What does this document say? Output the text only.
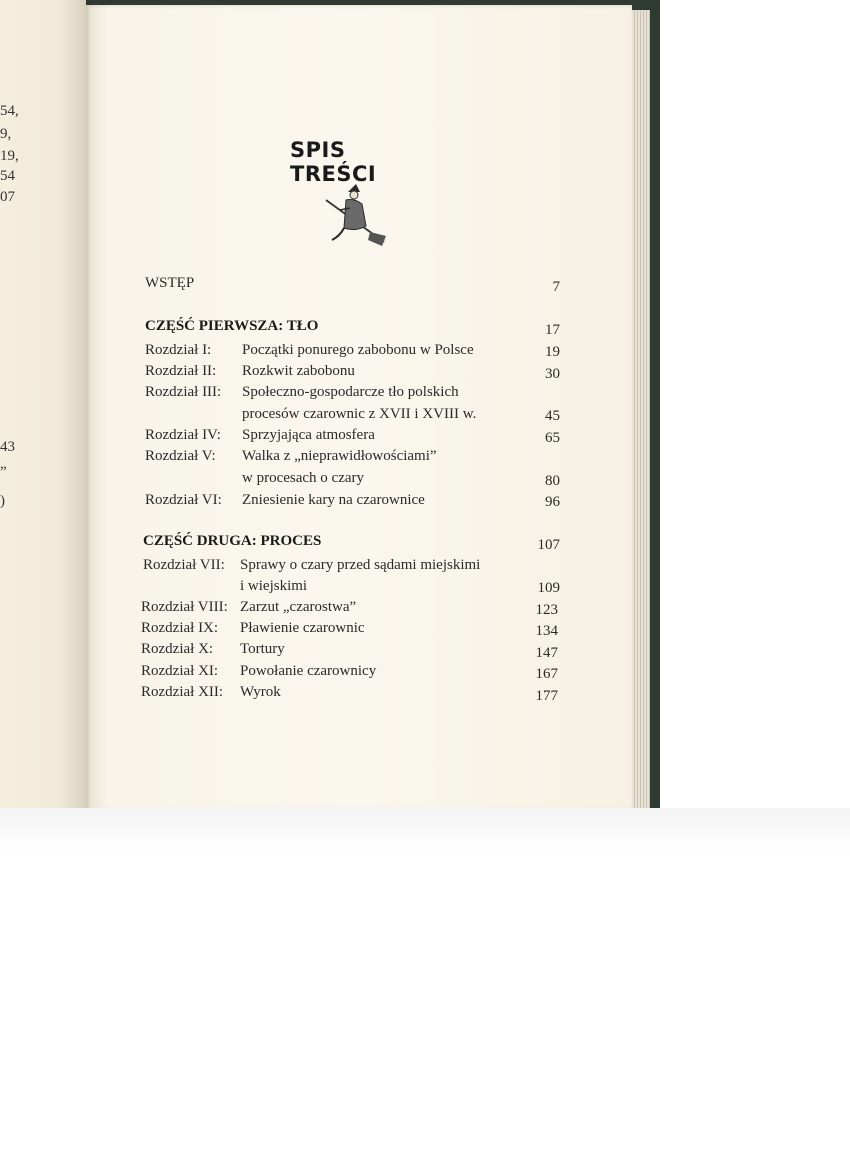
54,
9,
19,
54
07
43
”
)
SPIS TREŚCI
WSTĘP	7
CZĘŚĆ PIERWSZA: TŁO	17
Rozdział I: Początki ponurego zabobonu w Polsce	19
Rozdział II: Rozkwit zabobonu	30
Rozdział III: Społeczno-gospodarcze tło polskich
procesów czarownic z XVII i XVIII w.	45
Rozdział IV: Sprzyjająca atmosfera	65
Rozdział V: Walka z „nieprawidłowościami”
w procesach o czary	80
Rozdział VI: Zniesienie kary na czarownice	96
CZĘŚĆ DRUGA: PROCES	107
Rozdział VII: Sprawy o czary przed sądami miejskimi
i wiejskimi	109
Rozdział VIII: Zarzut „czarostwa”	123
Rozdział IX: Pławienie czarownic	134
Rozdział X: Tortury	147
Rozdział XI: Powołanie czarownicy	167
Rozdział XII: Wyrok	177
